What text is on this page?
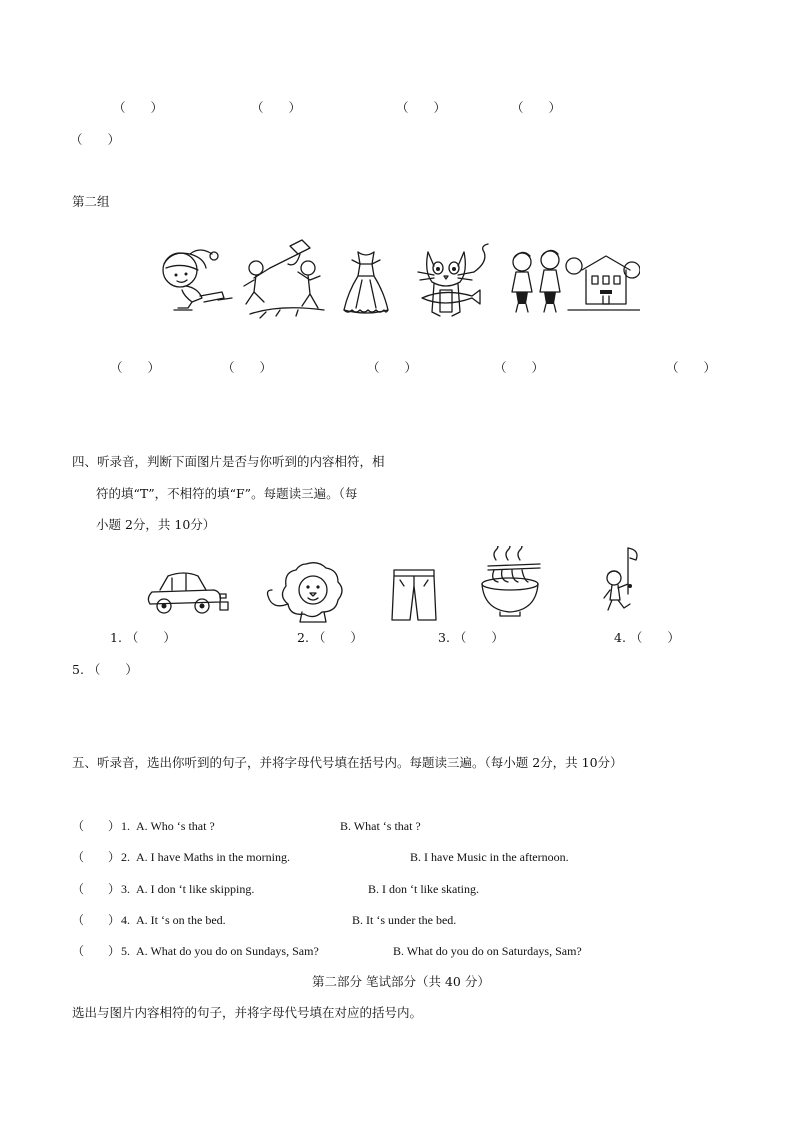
（　　）	（　　）	（　　）	（　　）
（　　）
第二组
（　　）	（　　）	（　　）	（　　）	（　　）
四、听录音，判断下面图片是否与你听到的内容相符，相
符的填“T”，不相符的填“F”。每题读三遍。（每
小题 2分，共 10分）
1. （　　）	2. （　　）	3. （　　）	4. （　　）
5. （　　）
五、听录音，选出你听到的句子，并将字母代号填在括号内。每题读三遍。（每小题 2分，共 10分）
（　　） 1. A. Who ‘s that ?	B. What ‘s that ?
（　　） 2. A. I have Maths in the morning.	B. I have Music in the afternoon.
（　　） 3. A. I don ‘t like skipping.	B. I don ‘t like skating.
（　　） 4. A. It ‘s on the bed.	B. It ‘s under the bed.
（　　） 5. A. What do you do on Sundays, Sam?	B. What do you do on Saturdays, Sam?
第二部分 笔试部分（共 40 分）
选出与图片内容相符的句子，并将字母代号填在对应的括号内。
